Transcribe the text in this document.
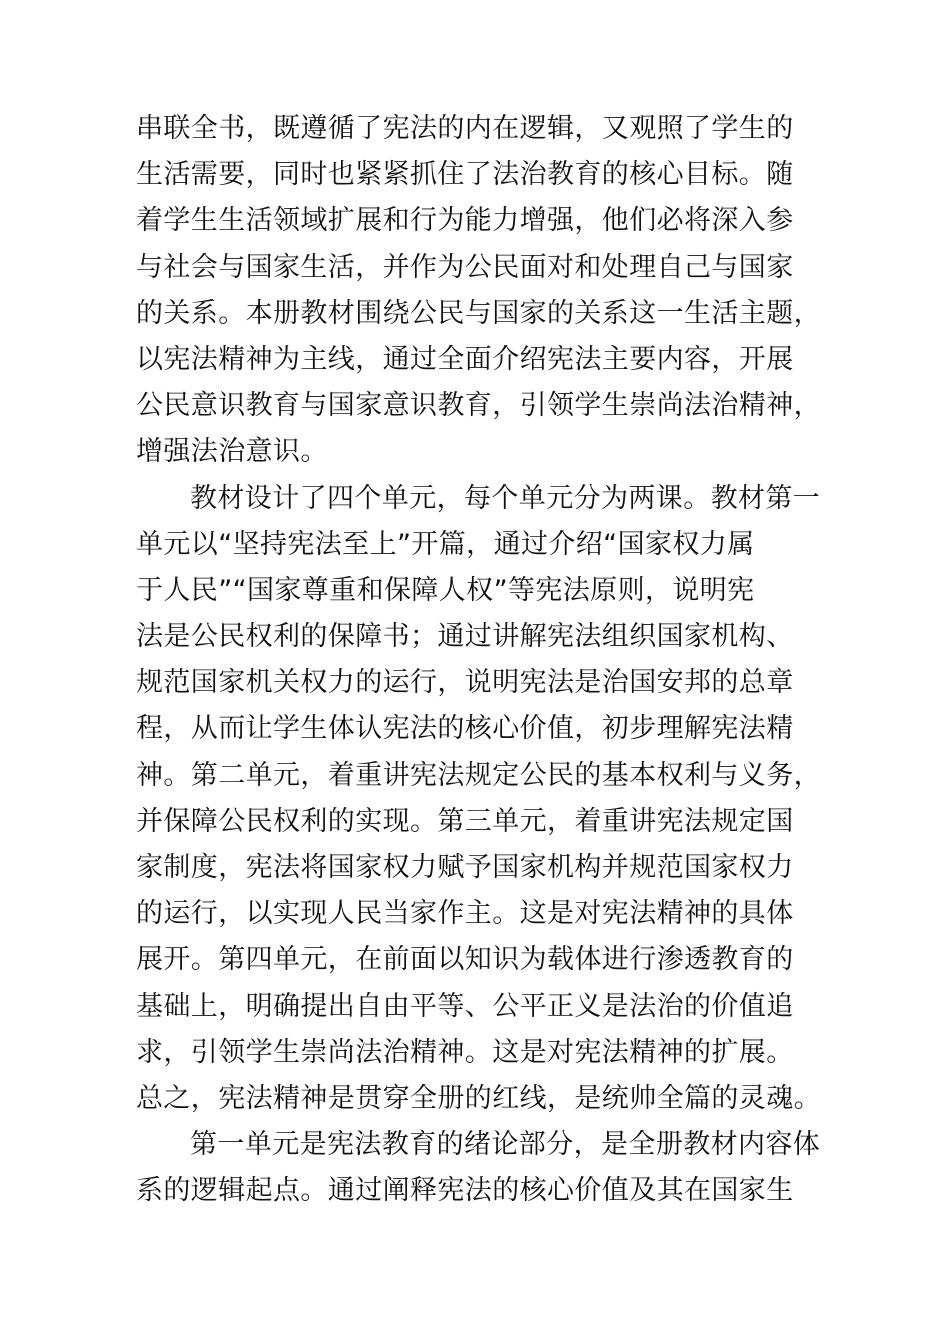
串联全书，既遵循了宪法的内在逻辑，又观照了学生的
生活需要，同时也紧紧抓住了法治教育的核心目标。随
着学生生活领域扩展和行为能力增强，他们必将深入参
与社会与国家生活，并作为公民面对和处理自己与国家
的关系。本册教材围绕公民与国家的关系这一生活主题，
以宪法精神为主线，通过全面介绍宪法主要内容，开展
公民意识教育与国家意识教育，引领学生崇尚法治精神，
增强法治意识。
教材设计了四个单元，每个单元分为两课。教材第一
单元以“坚持宪法至上”开篇，通过介绍“国家权力属
于人民”“国家尊重和保障人权”等宪法原则，说明宪
法是公民权利的保障书；通过讲解宪法组织国家机构、
规范国家机关权力的运行，说明宪法是治国安邦的总章
程，从而让学生体认宪法的核心价值，初步理解宪法精
神。第二单元，着重讲宪法规定公民的基本权利与义务，
并保障公民权利的实现。第三单元，着重讲宪法规定国
家制度，宪法将国家权力赋予国家机构并规范国家权力
的运行，以实现人民当家作主。这是对宪法精神的具体
展开。第四单元，在前面以知识为载体进行渗透教育的
基础上，明确提出自由平等、公平正义是法治的价值追
求，引领学生崇尚法治精神。这是对宪法精神的扩展。
总之，宪法精神是贯穿全册的红线，是统帅全篇的灵魂。
第一单元是宪法教育的绪论部分，是全册教材内容体
系的逻辑起点。通过阐释宪法的核心价值及其在国家生
